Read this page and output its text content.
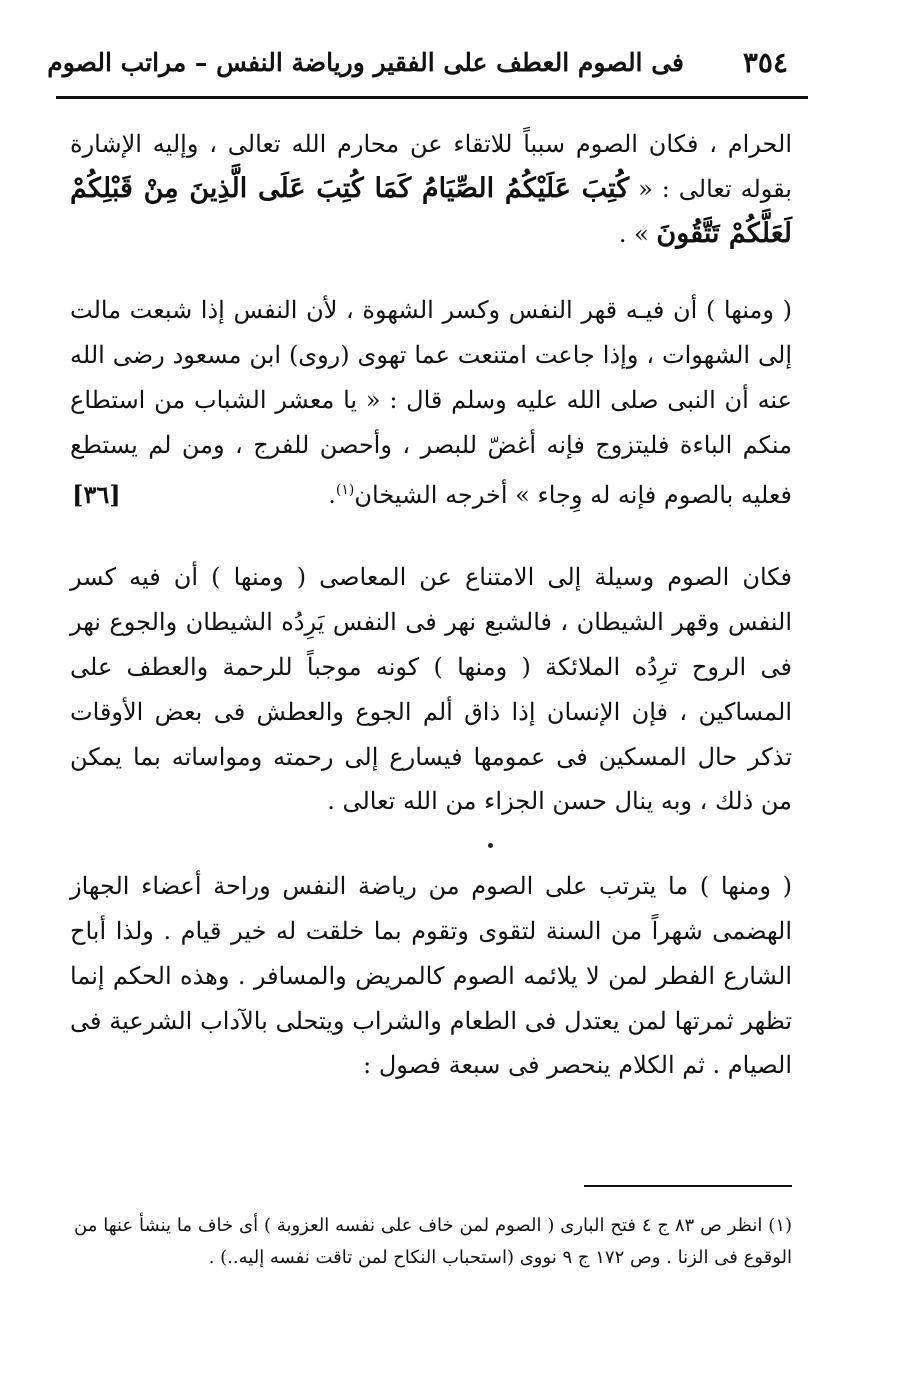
٣٥٤
فى الصوم العطف على الفقير ورياضة النفس – مراتب الصوم

الحرام ، فكان الصوم سبباً للاتقاء عن محارم الله تعالى ، وإليه الإشارة بقوله تعالى : « كُتِبَ عَلَيْكُمُ الصِّيَامُ كَمَا كُتِبَ عَلَى الَّذِينَ مِنْ قَبْلِكُمْ لَعَلَّكُمْ تَتَّقُونَ » .

( ومنها ) أن فيـه قهر النفس وكسر الشهوة ، لأن النفس إذا شبعت مالت إلى الشهوات ، وإذا جاعت امتنعت عما تهوى (روى) ابن مسعود رضى الله عنه أن النبى صلى الله عليه وسلم قال : « يا معشر الشباب من استطاع منكم الباءة فليتزوج فإنه أغضّ للبصر ، وأحصن للفرج ، ومن لم يستطع فعليه بالصوم فإنه له وِجاء » أخرجه الشيخان$^{(١)}$. [٣٦]

فكان الصوم وسيلة إلى الامتناع عن المعاصى ( ومنها ) أن فيه كسر النفس وقهر الشيطان ، فالشبع نهر فى النفس يَرِدُه الشيطان والجوع نهر فى الروح ترِدُه الملائكة ( ومنها ) كونه موجباً للرحمة والعطف على المساكين ، فإن الإنسان إذا ذاق ألم الجوع والعطش فى بعض الأوقات تذكر حال المسكين فى عمومها فيسارع إلى رحمته ومواساته بما يمكن من ذلك ، وبه ينال حسن الجزاء من الله تعالى .

( ومنها ) ما يترتب على الصوم من رياضة النفس وراحة أعضاء الجهاز الهضمى شهراً من السنة لتقوى وتقوم بما خلقت له خير قيام . ولذا أباح الشارع الفطر لمن لا يلائمه الصوم كالمريض والمسافر . وهذه الحكم إنما تظهر ثمرتها لمن يعتدل فى الطعام والشراب ويتحلى بالآداب الشرعية فى الصيام . ثم الكلام ينحصر فى سبعة فصول :

(١) انظر ص ٨٣ ج ٤ فتح البارى ( الصوم لمن خاف على نفسه العزوبة ) أى خاف ما ينشأ عنها من الوقوع فى الزنا . وص ١٧٢ ج ٩ نووى (استحباب النكاح لمن تاقت نفسه إليه..) .
